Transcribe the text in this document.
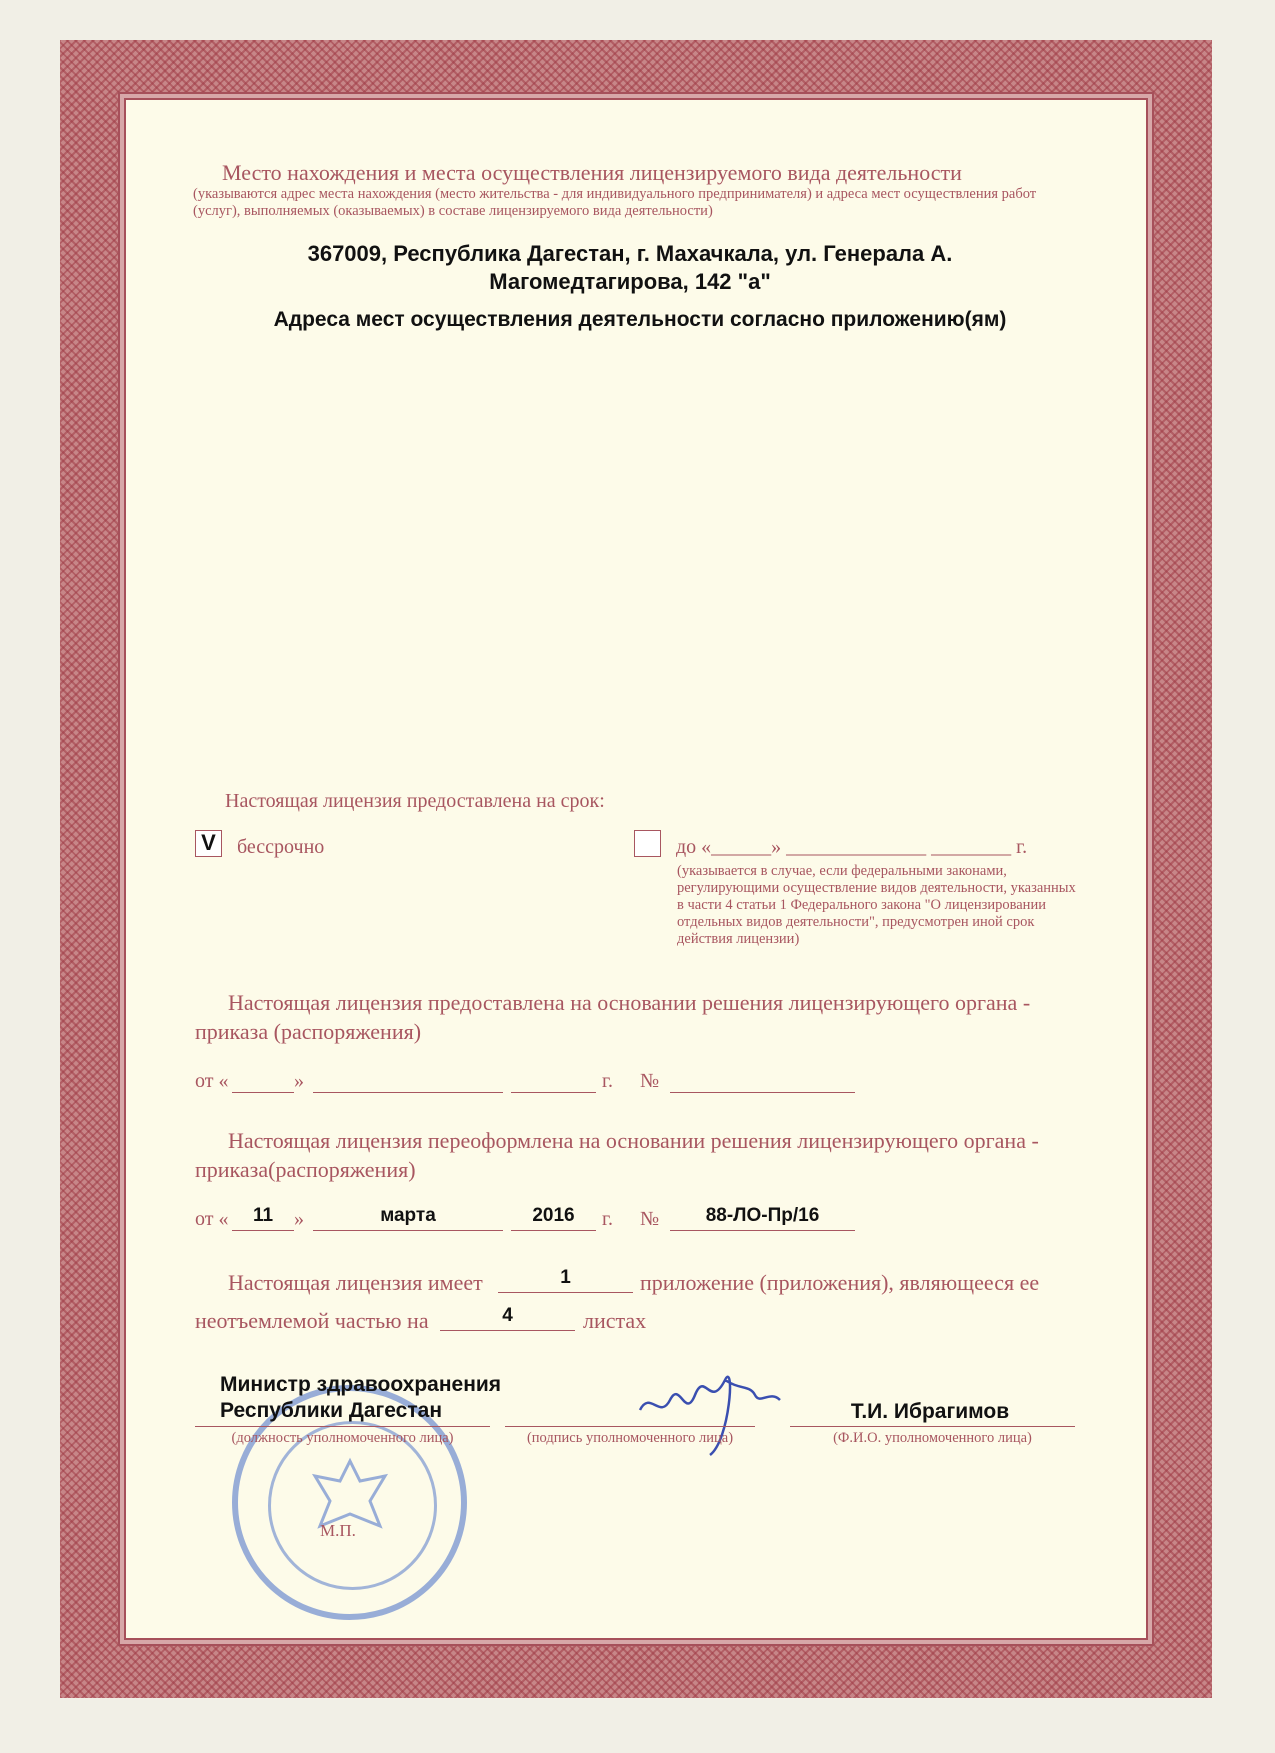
Место нахождения и места осуществления лицензируемого вида деятельности
(указываются адрес места нахождения (место жительства - для индивидуального предпринимателя) и адреса мест осуществления работ (услуг), выполняемых (оказываемых) в составе лицензируемого вида деятельности)
367009, Республика Дагестан, г. Махачкала, ул. Генерала А.
Магомедтагирова, 142 "а"
Адреса мест осуществления деятельности согласно приложению(ям)
Настоящая лицензия предоставлена на срок:
V	бессрочно	до «______» ______________ ________ г.
(указывается в случае, если федеральными законами, регулирующими осуществление видов деятельности, указанных в части 4 статьи 1 Федерального закона "О лицензировании отдельных видов деятельности", предусмотрен иной срок действия лицензии)
Настоящая лицензия предоставлена на основании решения лицензирующего органа - приказа (распоряжения)
от «	»	г. №
Настоящая лицензия переоформлена на основании решения лицензирующего органа - приказа(распоряжения)
от «	11	»	марта	2016	г. №	88-ЛО-Пр/16
Настоящая лицензия имеет	1	приложение (приложения), являющееся ее
неотъемлемой частью на	4	листах
М.П.
Министр здравоохранения
Республики Дагестан
(должность уполномоченного лица)	(подпись уполномоченного лица)
Т.И. Ибрагимов
(Ф.И.О. уполномоченного лица)
